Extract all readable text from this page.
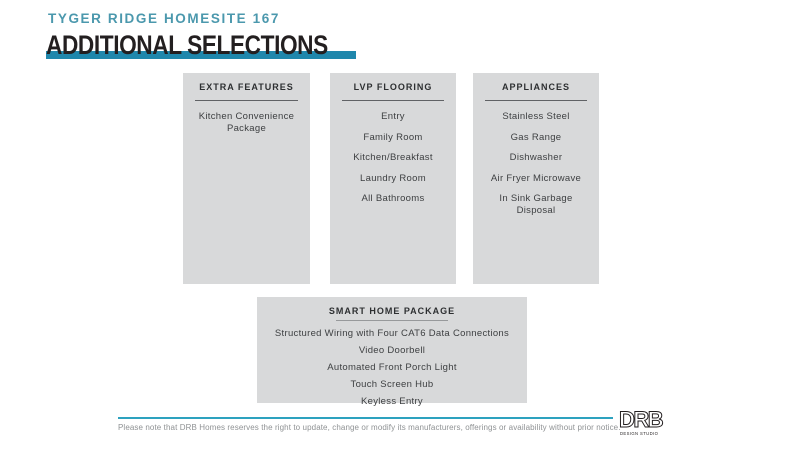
TYGER RIDGE HOMESITE 167
ADDITIONAL SELECTIONS
EXTRA FEATURES
Kitchen Convenience Package
LVP FLOORING
Entry
Family Room
Kitchen/Breakfast
Laundry Room
All Bathrooms
APPLIANCES
Stainless Steel
Gas Range
Dishwasher
Air Fryer Microwave
In Sink Garbage Disposal
SMART HOME PACKAGE
Structured Wiring with Four CAT6 Data Connections
Video Doorbell
Automated Front Porch Light
Touch Screen Hub
Keyless Entry

Please note that DRB Homes reserves the right to update, change or modify its manufacturers, offerings or availability without prior notice.

DRB
DESIGN STUDIO
